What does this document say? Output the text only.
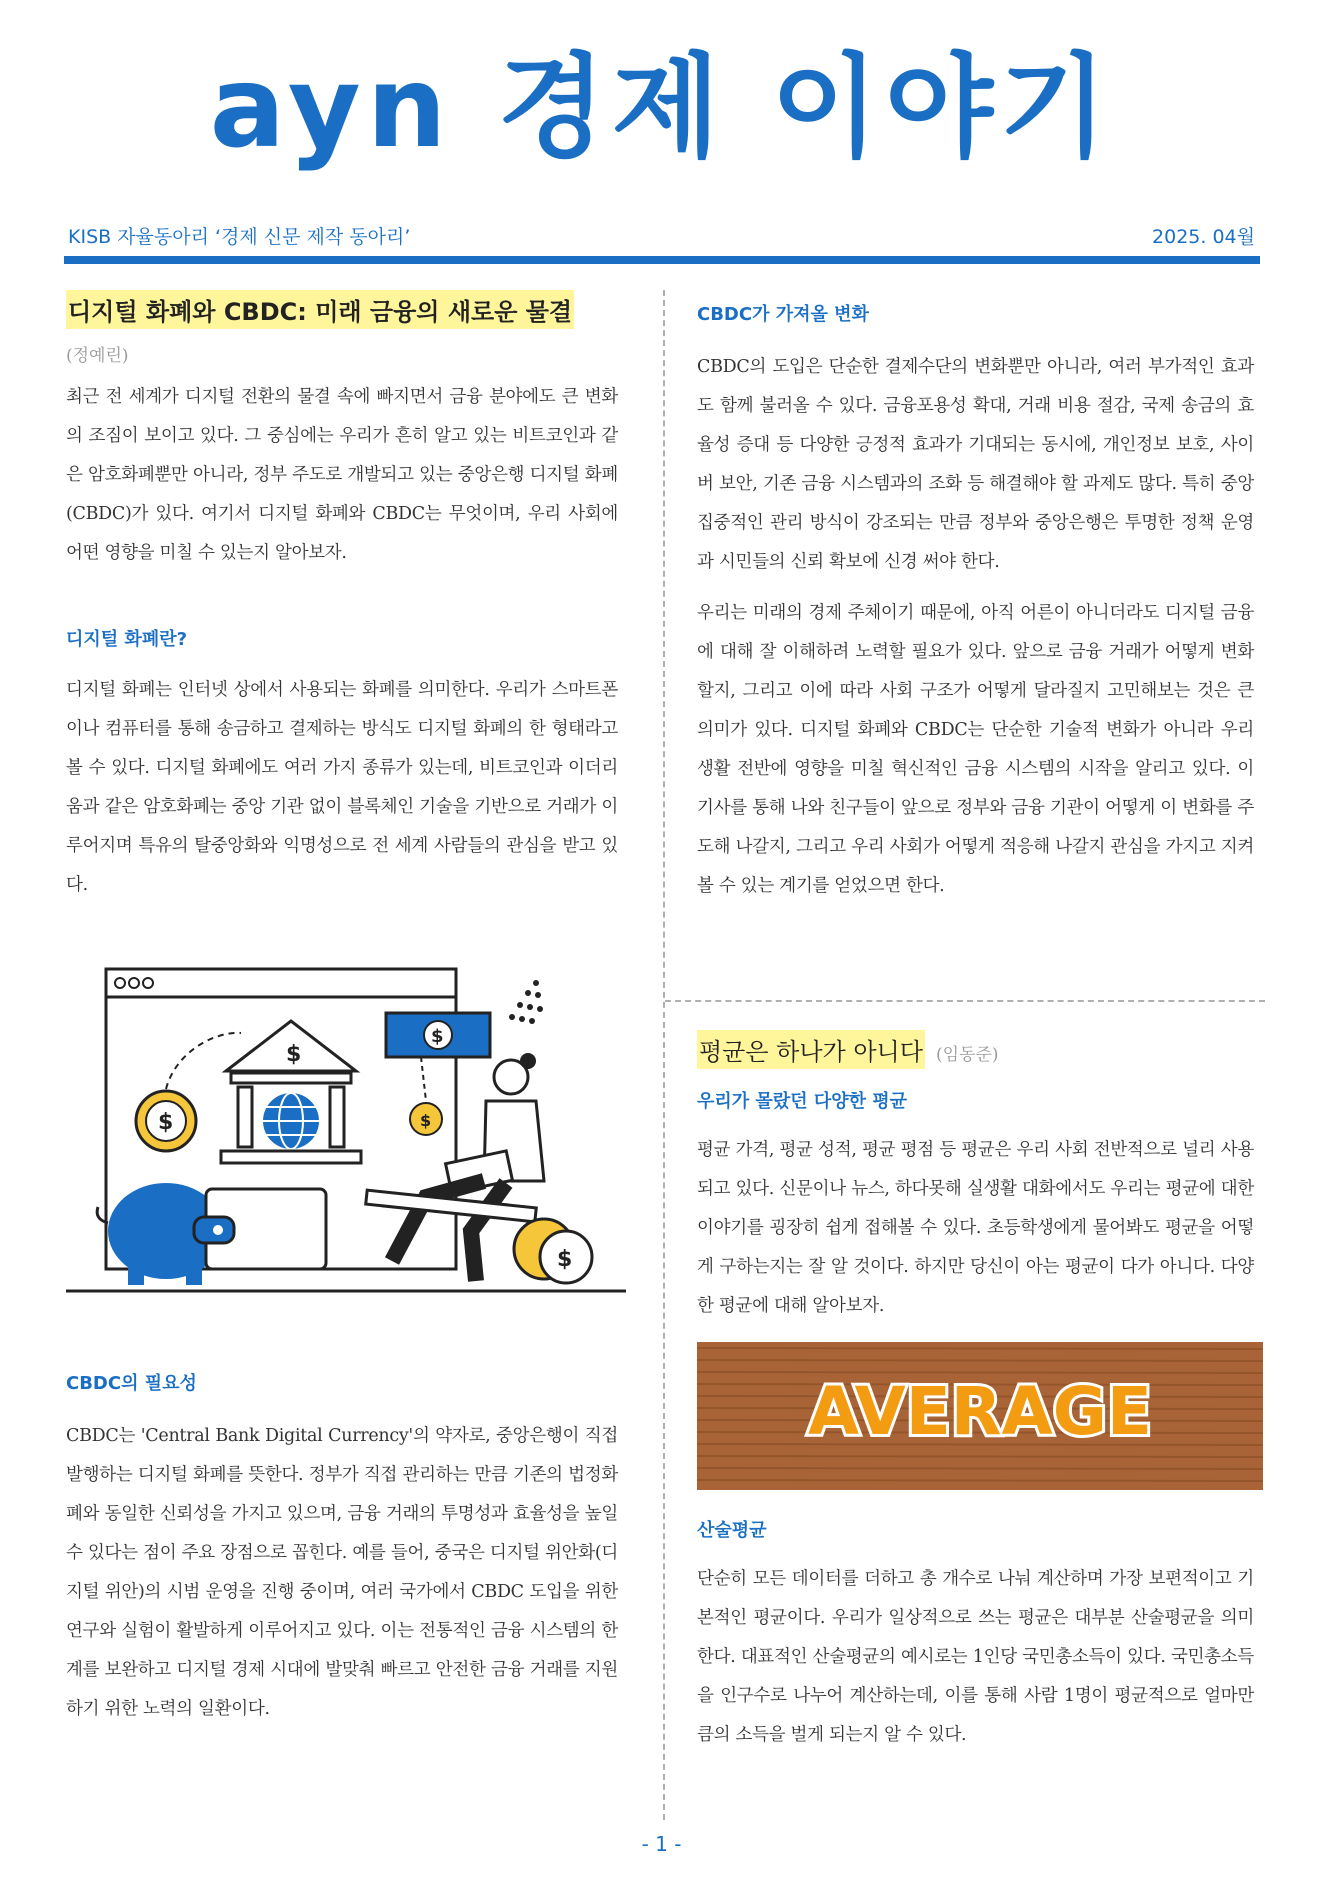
ayn 경제 이야기
KISB 자율동아리 ‘경제 신문 제작 동아리’	2025. 04월
디지털 화폐와 CBDC: 미래 금융의 새로운 물결
(정예린)

최근 전 세계가 디지털 전환의 물결 속에 빠지면서 금융 분야에도 큰 변화의 조짐이 보이고 있다. 그 중심에는 우리가 흔히 알고 있는 비트코인과 같은 암호화폐뿐만 아니라, 정부 주도로 개발되고 있는 중앙은행 디지털 화폐(CBDC)가 있다. 여기서 디지털 화폐와 CBDC는 무엇이며, 우리 사회에 어떤 영향을 미칠 수 있는지 알아보자.

디지털 화폐란?

디지털 화폐는 인터넷 상에서 사용되는 화폐를 의미한다. 우리가 스마트폰이나 컴퓨터를 통해 송금하고 결제하는 방식도 디지털 화폐의 한 형태라고 볼 수 있다. 디지털 화폐에도 여러 가지 종류가 있는데, 비트코인과 이더리움과 같은 암호화폐는 중앙 기관 없이 블록체인 기술을 기반으로 거래가 이루어지며 특유의 탈중앙화와 익명성으로 전 세계 사람들의 관심을 받고 있다.

$
$
$
$
$
CBDC의 필요성

CBDC는 'Central Bank Digital Currency'의 약자로, 중앙은행이 직접 발행하는 디지털 화폐를 뜻한다. 정부가 직접 관리하는 만큼 기존의 법정화폐와 동일한 신뢰성을 가지고 있으며, 금융 거래의 투명성과 효율성을 높일 수 있다는 점이 주요 장점으로 꼽힌다. 예를 들어, 중국은 디지털 위안화(디지털 위안)의 시범 운영을 진행 중이며, 여러 국가에서 CBDC 도입을 위한 연구와 실험이 활발하게 이루어지고 있다. 이는 전통적인 금융 시스템의 한계를 보완하고 디지털 경제 시대에 발맞춰 빠르고 안전한 금융 거래를 지원하기 위한 노력의 일환이다.

CBDC가 가져올 변화

CBDC의 도입은 단순한 결제수단의 변화뿐만 아니라, 여러 부가적인 효과도 함께 불러올 수 있다. 금융포용성 확대, 거래 비용 절감, 국제 송금의 효율성 증대 등 다양한 긍정적 효과가 기대되는 동시에, 개인정보 보호, 사이버 보안, 기존 금융 시스템과의 조화 등 해결해야 할 과제도 많다. 특히 중앙 집중적인 관리 방식이 강조되는 만큼 정부와 중앙은행은 투명한 정책 운영과 시민들의 신뢰 확보에 신경 써야 한다.

우리는 미래의 경제 주체이기 때문에, 아직 어른이 아니더라도 디지털 금융에 대해 잘 이해하려 노력할 필요가 있다. 앞으로 금융 거래가 어떻게 변화할지, 그리고 이에 따라 사회 구조가 어떻게 달라질지 고민해보는 것은 큰 의미가 있다. 디지털 화폐와 CBDC는 단순한 기술적 변화가 아니라 우리 생활 전반에 영향을 미칠 혁신적인 금융 시스템의 시작을 알리고 있다. 이 기사를 통해 나와 친구들이 앞으로 정부와 금융 기관이 어떻게 이 변화를 주도해 나갈지, 그리고 우리 사회가 어떻게 적응해 나갈지 관심을 가지고 지켜볼 수 있는 계기를 얻었으면 한다.

평균은 하나가 아니다 (임동준)
우리가 몰랐던 다양한 평균

평균 가격, 평균 성적, 평균 평점 등 평균은 우리 사회 전반적으로 널리 사용되고 있다. 신문이나 뉴스, 하다못해 실생활 대화에서도 우리는 평균에 대한 이야기를 굉장히 쉽게 접해볼 수 있다. 초등학생에게 물어봐도 평균을 어떻게 구하는지는 잘 알 것이다. 하지만 당신이 아는 평균이 다가 아니다. 다양한 평균에 대해 알아보자.

AVERAGE
산술평균

단순히 모든 데이터를 더하고 총 개수로 나눠 계산하며 가장 보편적이고 기본적인 평균이다. 우리가 일상적으로 쓰는 평균은 대부분 산술평균을 의미한다. 대표적인 산술평균의 예시로는 1인당 국민총소득이 있다. 국민총소득을 인구수로 나누어 계산하는데, 이를 통해 사람 1명이 평균적으로 얼마만큼의 소득을 벌게 되는지 알 수 있다.

- 1 -
